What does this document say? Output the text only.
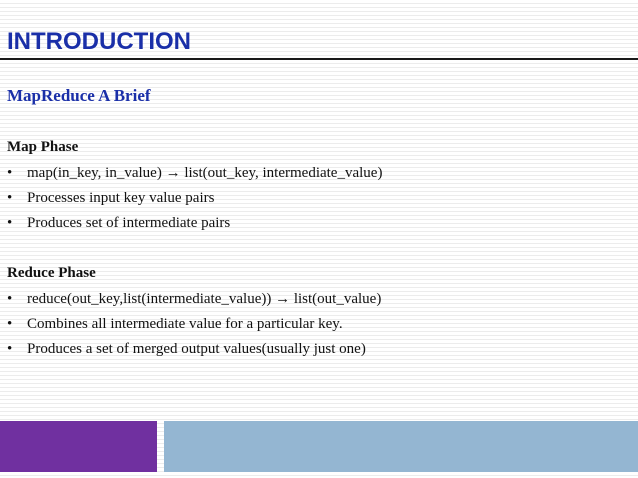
INTRODUCTION
MapReduce A Brief
Map Phase
• map(in_key, in_value) → list(out_key, intermediate_value)
• Processes input key value pairs
• Produces set of intermediate pairs
Reduce Phase
• reduce(out_key,list(intermediate_value)) → list(out_value)
• Combines all intermediate value for a particular key.
• Produces a set of merged output values(usually just one)
